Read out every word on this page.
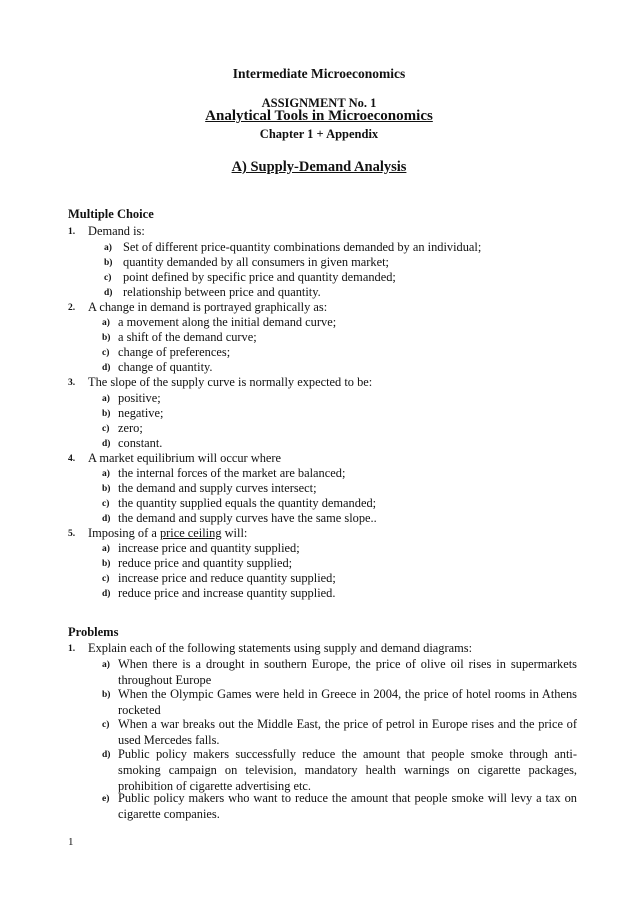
Intermediate Microeconomics
ASSIGNMENT No. 1
Analytical Tools in Microeconomics
Chapter 1 + Appendix
A) Supply-Demand Analysis
Multiple Choice
1. Demand is:
a) Set of different price-quantity combinations demanded by an individual;
b) quantity demanded by all consumers in given market;
c) point defined by specific price and quantity demanded;
d) relationship between price and quantity.
2. A change in demand is portrayed graphically as:
a) a movement along the initial demand curve;
b) a shift of the demand curve;
c) change of preferences;
d) change of quantity.
3. The slope of the supply curve is normally expected to be:
a) positive;
b) negative;
c) zero;
d) constant.
4. A market equilibrium will occur where
a) the internal forces of the market are balanced;
b) the demand and supply curves intersect;
c) the quantity supplied equals the quantity demanded;
d) the demand and supply curves have the same slope..
5. Imposing of a price ceiling will:
a) increase price and quantity supplied;
b) reduce price and quantity supplied;
c) increase price and reduce quantity supplied;
d) reduce price and increase quantity supplied.
Problems
1. Explain each of the following statements using supply and demand diagrams:
a) When there is a drought in southern Europe, the price of olive oil rises in supermarkets throughout Europe
b) When the Olympic Games were held in Greece in 2004, the price of hotel rooms in Athens rocketed
c) When a war breaks out the Middle East, the price of petrol in Europe rises and the price of used Mercedes falls.
d) Public policy makers successfully reduce the amount that people smoke through anti-smoking campaign on television, mandatory health warnings on cigarette packages, prohibition of cigarette advertising etc.
e) Public policy makers who want to reduce the amount that people smoke will levy a tax on cigarette companies.
1
